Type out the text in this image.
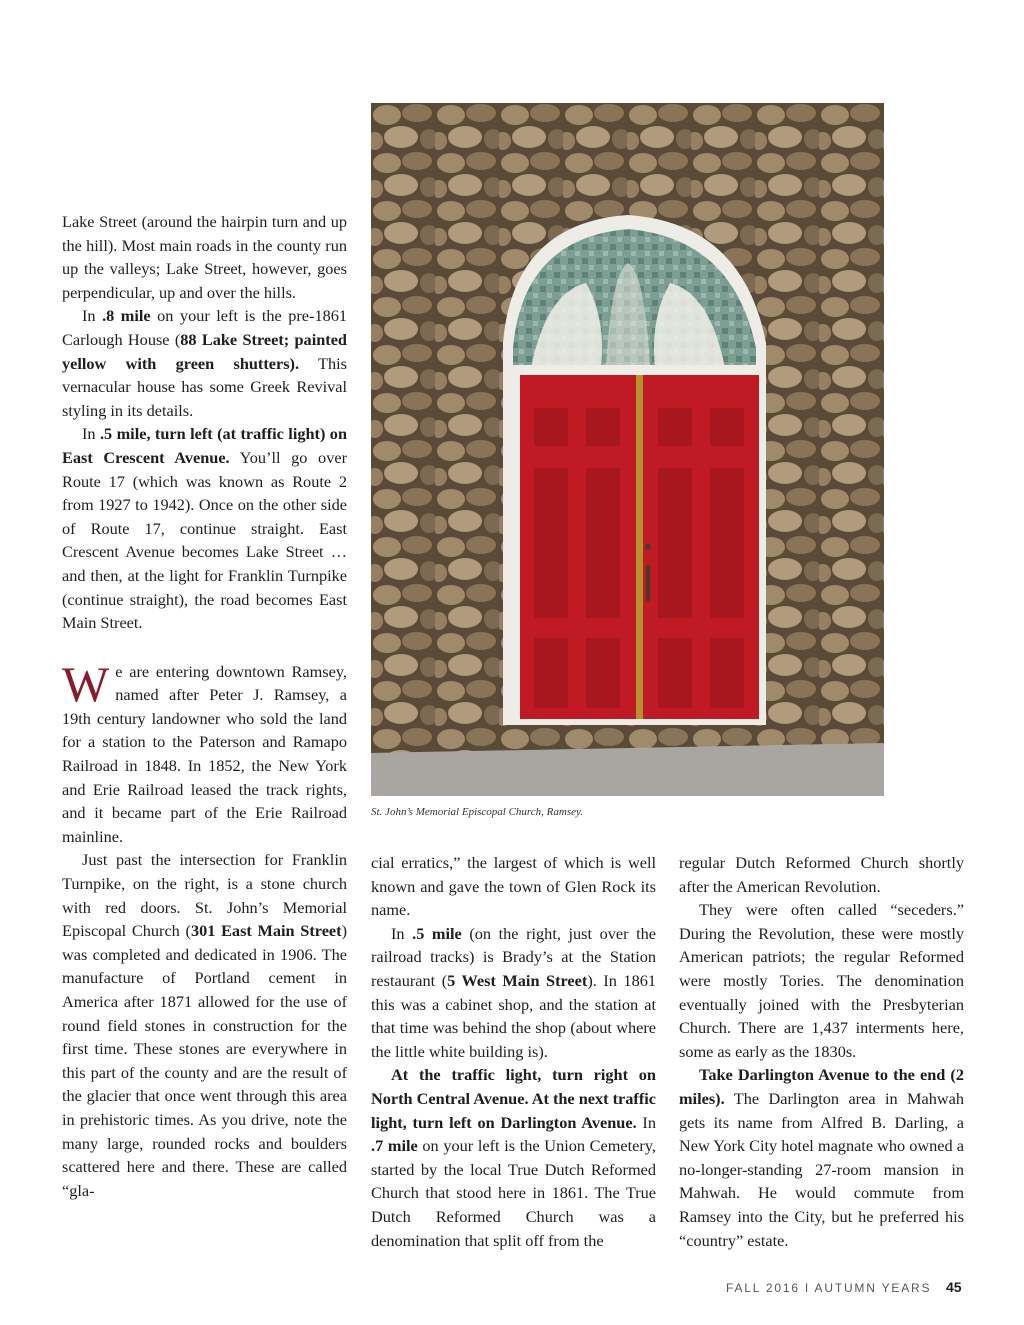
Lake Street (around the hairpin turn and up the hill). Most main roads in the county run up the valleys; Lake Street, however, goes perpendicular, up and over the hills.

In .8 mile on your left is the pre-1861 Carlough House (88 Lake Street; painted yellow with green shutters). This vernacular house has some Greek Revival styling in its details.

In .5 mile, turn left (at traffic light) on East Crescent Avenue. You’ll go over Route 17 (which was known as Route 2 from 1927 to 1942). Once on the other side of Route 17, continue straight. East Crescent Avenue becomes Lake Street … and then, at the light for Franklin Turnpike (continue straight), the road becomes East Main Street.

We are entering downtown Ramsey, named after Peter J. Ramsey, a 19th century landowner who sold the land for a station to the Paterson and Ramapo Railroad in 1848. In 1852, the New York and Erie Railroad leased the track rights, and it became part of the Erie Railroad mainline.

Just past the intersection for Franklin Turnpike, on the right, is a stone church with red doors. St. John’s Memorial Episcopal Church (301 East Main Street) was completed and dedicated in 1906. The manufacture of Portland cement in America after 1871 allowed for the use of round field stones in construction for the first time. These stones are everywhere in this part of the county and are the result of the glacier that once went through this area in prehistoric times. As you drive, note the many large, rounded rocks and boulders scattered here and there. These are called “gla-

St. John’s Memorial Episcopal Church, Ramsey.

cial erratics,” the largest of which is well known and gave the town of Glen Rock its name.

In .5 mile (on the right, just over the railroad tracks) is Brady’s at the Station restaurant (5 West Main Street). In 1861 this was a cabinet shop, and the station at that time was behind the shop (about where the little white building is).

At the traffic light, turn right on North Central Avenue. At the next traffic light, turn left on Darlington Avenue. In .7 mile on your left is the Union Cemetery, started by the local True Dutch Reformed Church that stood here in 1861. The True Dutch Reformed Church was a denomination that split off from the

regular Dutch Reformed Church shortly after the American Revolution.

They were often called “seceders.” During the Revolution, these were mostly American patriots; the regular Reformed were mostly Tories. The denomination eventually joined with the Presbyterian Church. There are 1,437 interments here, some as early as the 1830s.

Take Darlington Avenue to the end (2 miles). The Darlington area in Mahwah gets its name from Alfred B. Darling, a New York City hotel magnate who owned a no-longer-standing 27-room mansion in Mahwah. He would commute from Ramsey into the City, but he preferred his “country” estate.

FALL 2016 I AUTUMN YEARS 45
